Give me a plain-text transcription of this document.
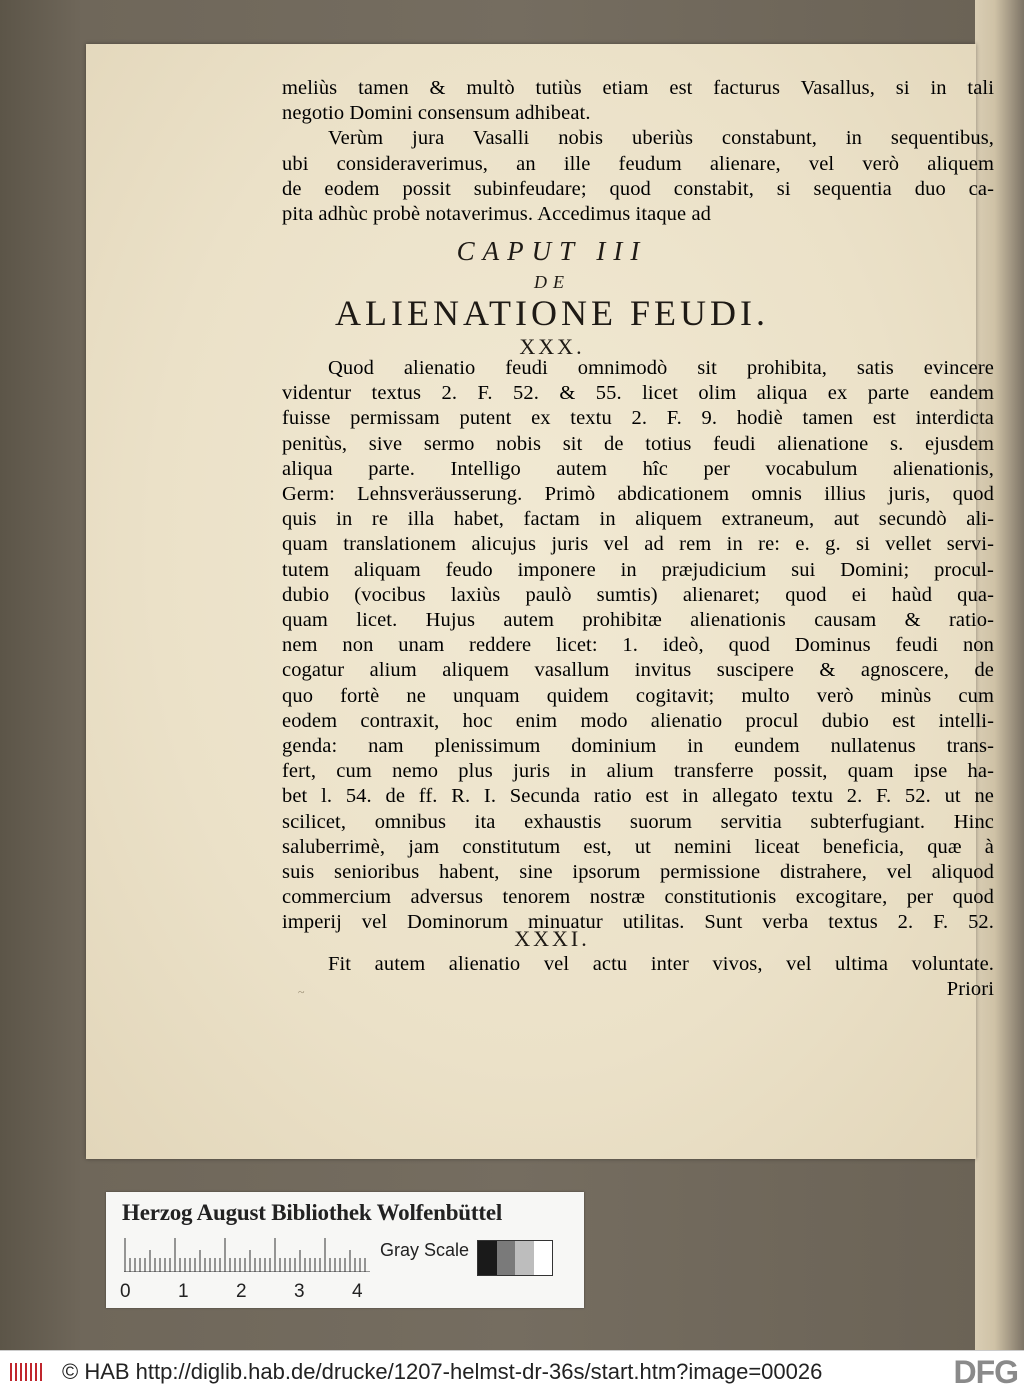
meliùs tamen & multò tutiùs etiam est facturus Vasallus, si in tali
negotio Domini consensum adhibeat.
Verùm jura Vasalli nobis uberiùs constabunt, in sequentibus,
ubi consideraverimus, an ille feudum alienare, vel verò aliquem
de eodem possit subinfeudare; quod constabit, si sequentia duo ca-
pita adhùc probè notaverimus. Accedimus itaque ad
Quod alienatio feudi omnimodò sit prohibita, satis evincere
videntur textus 2. F. 52. & 55. licet olim aliqua ex parte eandem
fuisse permissam putent ex textu 2. F. 9. hodiè tamen est interdicta
penitùs, sive sermo nobis sit de totius feudi alienatione s. ejusdem
aliqua parte. Intelligo autem hîc per vocabulum alienationis,
Germ: Lehnsveräusserung. Primò abdicationem omnis illius juris, quod
quis in re illa habet, factam in aliquem extraneum, aut secundò ali-
quam translationem alicujus juris vel ad rem in re: e. g. si vellet servi-
tutem aliquam feudo imponere in præjudicium sui Domini; procul-
dubio (vocibus laxiùs paulò sumtis) alienaret; quod ei haùd qua-
quam licet. Hujus autem prohibitæ alienationis causam & ratio-
nem non unam reddere licet: 1. ideò, quod Dominus feudi non
cogatur alium aliquem vasallum invitus suscipere & agnoscere, de
quo fortè ne unquam quidem cogitavit; multo verò minùs cum
eodem contraxit, hoc enim modo alienatio procul dubio est intelli-
genda: nam plenissimum dominium in eundem nullatenus trans-
fert, cum nemo plus juris in alium transferre possit, quam ipse ha-
bet l. 54. de ff. R. I. Secunda ratio est in allegato textu 2. F. 52. ut ne
scilicet, omnibus ita exhaustis suorum servitia subterfugiant. Hinc
saluberrimè, jam constitutum est, ut nemini liceat beneficia, quæ à
suis senioribus habent, sine ipsorum permissione distrahere, vel aliquod
commercium adversus tenorem nostræ constitutionis excogitare, per quod
imperij vel Dominorum minuatur utilitas. Sunt verba textus 2. F. 52.
Fit autem alienatio vel actu inter vivos, vel ultima voluntate.
Priori
CAPUT III
DE
ALIENATIONE FEUDI.
XXX.
XXXI.
Herzog August Bibliothek Wolfenbüttel
Gray Scale
0 1 2 3 4
© HAB http://diglib.hab.de/drucke/1207-helmst-dr-36s/start.htm?image=00026	DFG
~
